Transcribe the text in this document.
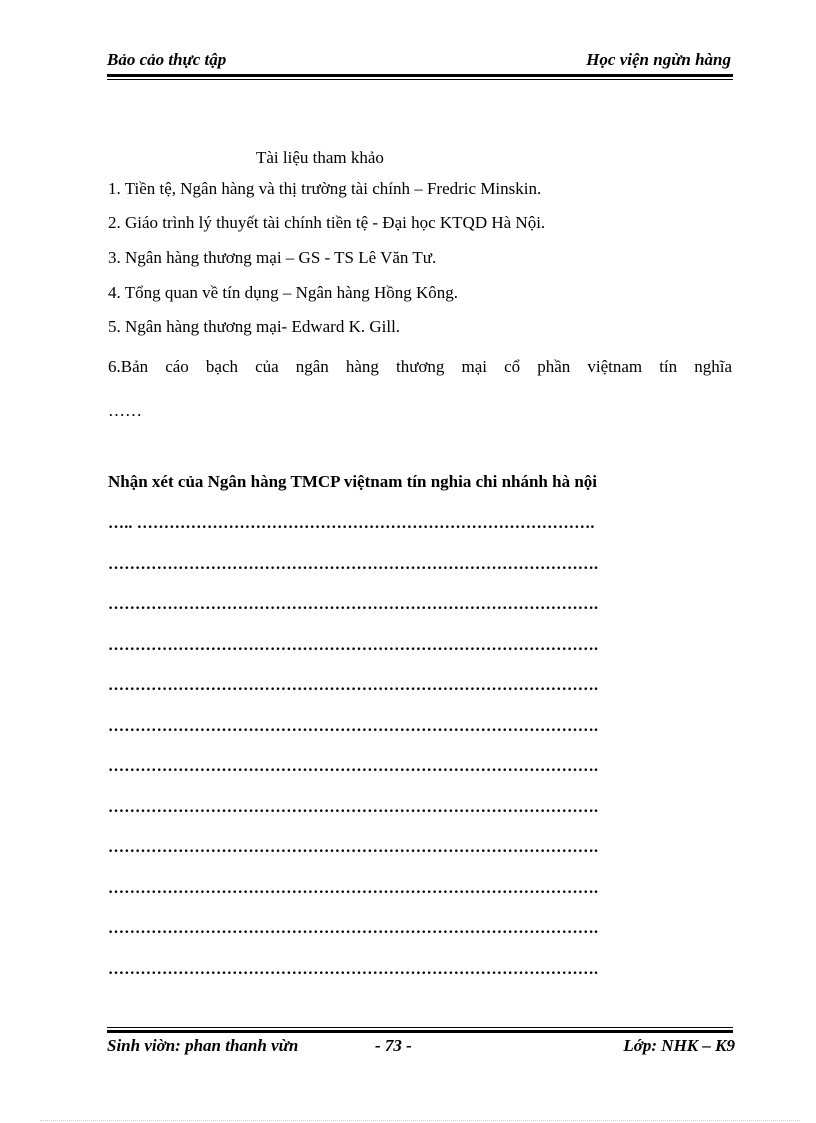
Bảo cảo thực tập	Học viện ngừn hàng
Tài liệu tham khảo
1. Tiền tệ, Ngân hàng và thị trường tài chính – Fredric Minskin.
2. Giáo trình lý thuyết tài chính tiền tệ - Đại học KTQD Hà Nội.
3. Ngân hàng thương mại – GS - TS Lê Văn Tư.
4. Tổng quan về tín dụng – Ngân hàng Hồng Kông.
5. Ngân hàng thương mại- Edward K. Gill.
6.Bản cáo bạch của ngân hàng thương mại cổ phần việtnam tín nghĩa
……
Nhận xét của Ngân hàng TMCP việtnam tín nghia chi nhánh hà nội
….. ………………………………………………………………………….
……………………………………………………………………………….
……………………………………………………………………………….
……………………………………………………………………………….
……………………………………………………………………………….
……………………………………………………………………………….
……………………………………………………………………………….
……………………………………………………………………………….
……………………………………………………………………………….
……………………………………………………………………………….
……………………………………………………………………………….
……………………………………………………………………………….
Sinh viờn: phan thanh vừn	- 73 -	Lớp: NHK – K9
